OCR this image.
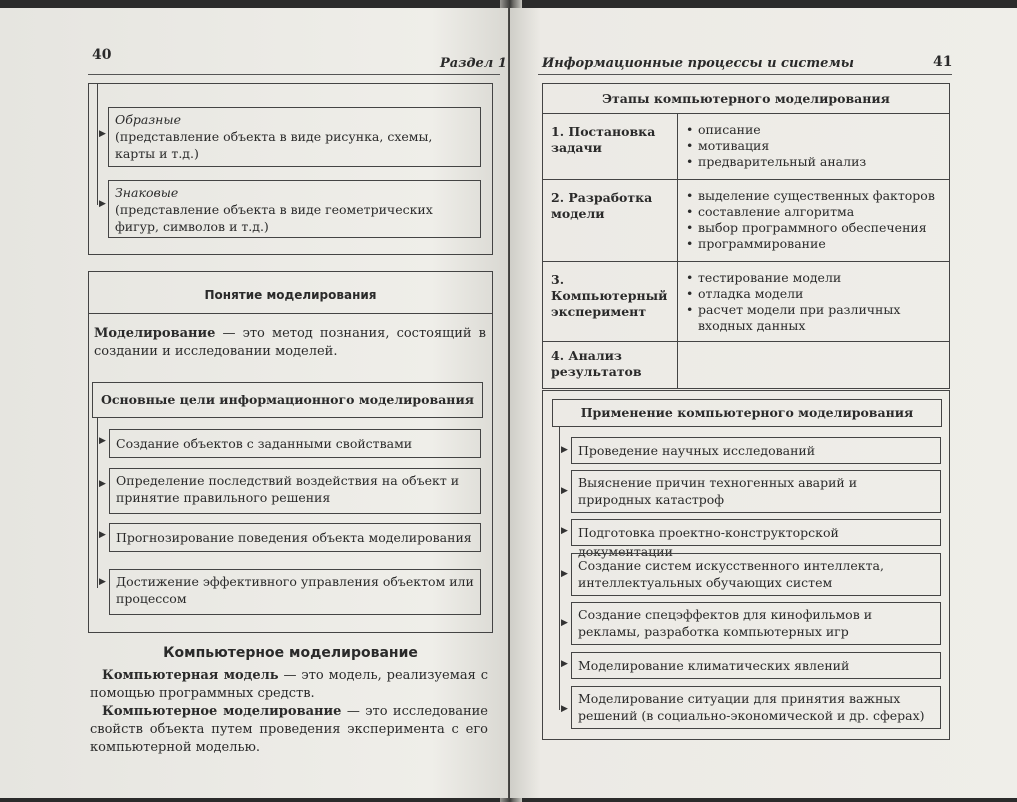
40
Раздел 1
▶
Образные
(представление объекта в виде рисунка, схемы, карты и т.д.)
▶
Знаковые
(представление объекта в виде геометрических фигур, символов и т.д.)
Понятие моделирования
Моделирование — это метод познания, состоящий в создании и исследовании моделей.
Основные цели информационного моделирования
▶ Создание объектов с заданными свойствами
▶ Определение последствий воздействия на объект и принятие правильного решения
▶ Прогнозирование поведения объекта моделирования
▶ Достижение эффективного управления объектом или процессом
Компьютерное моделирование
Компьютерная модель — это модель, реализуемая с помощью программных средств.
Компьютерное моделирование — это исследование свойств объекта путем проведения эксперимента с его компьютерной моделью.
Информационные процессы и системы	41
Этапы компьютерного моделирования
1. Постановка задачи
• описание
• мотивация
• предварительный анализ
2. Разработка модели
• выделение существенных факторов
• составление алгоритма
• выбор программного обеспечения
• программирование
3. Компьютерный эксперимент
• тестирование модели
• отладка модели
• расчет модели при различных входных данных
4. Анализ результатов
Применение компьютерного моделирования
▶ Проведение научных исследований
▶
Выяснение причин техногенных аварий и природных катастроф
▶ Подготовка проектно-конструкторской документации
▶
Создание систем искусственного интеллекта, интеллектуальных обучающих систем
▶
Создание спецэффектов для кинофильмов и рекламы, разработка компьютерных игр
▶ Моделирование климатических явлений
▶
Моделирование ситуации для принятия важных решений (в социально-экономической и др. сферах)
